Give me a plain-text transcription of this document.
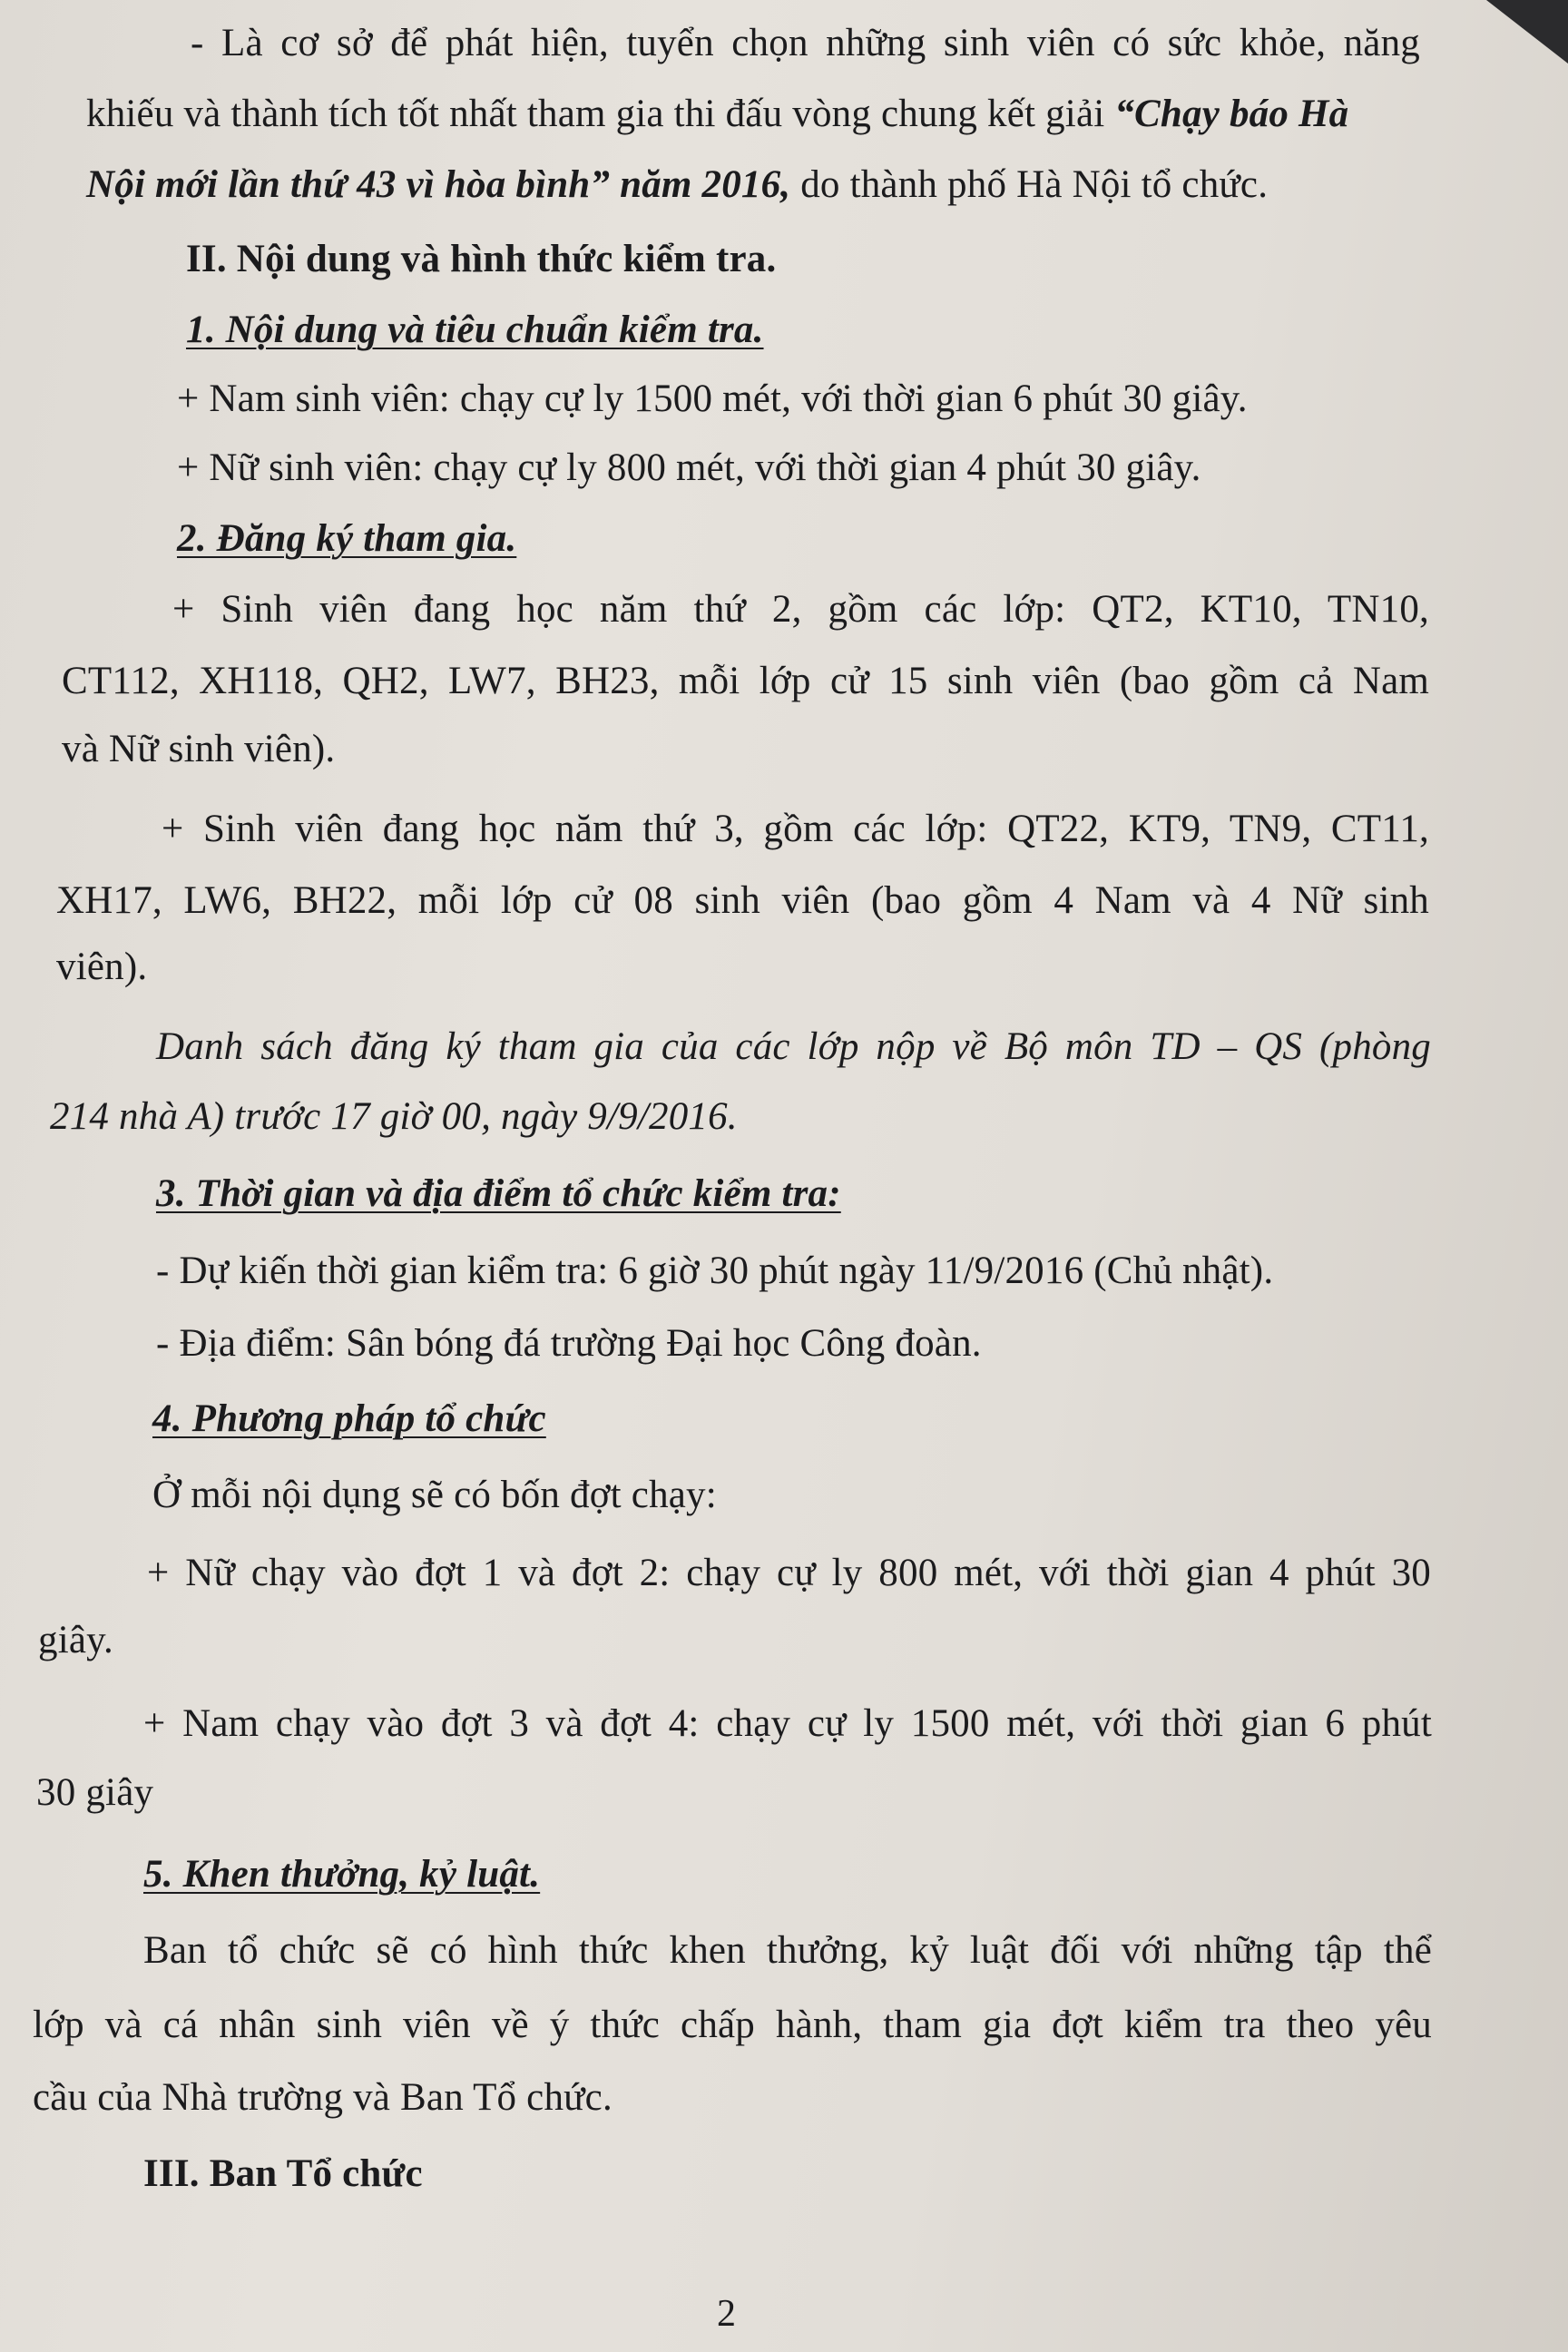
- Là cơ sở để phát hiện, tuyển chọn những sinh viên có sức khỏe, năng
khiếu và thành tích tốt nhất tham gia thi đấu vòng chung kết giải “Chạy báo Hà
Nội mới lần thứ 43 vì hòa bình” năm 2016, do thành phố Hà Nội tổ chức.
II. Nội dung và hình thức kiểm tra.
1. Nội dung và tiêu chuẩn kiểm tra.
+ Nam sinh viên: chạy cự ly 1500 mét, với thời gian 6 phút 30 giây.
+ Nữ sinh viên: chạy cự ly 800 mét, với thời gian 4 phút 30 giây.
2. Đăng ký tham gia.
+ Sinh viên đang học năm thứ 2, gồm các lớp: QT2, KT10, TN10,
CT112, XH118, QH2, LW7, BH23, mỗi lớp cử 15 sinh viên (bao gồm cả Nam
và Nữ sinh viên).
+ Sinh viên đang học năm thứ 3, gồm các lớp: QT22, KT9, TN9, CT11,
XH17, LW6, BH22, mỗi lớp cử 08 sinh viên (bao gồm 4 Nam và 4 Nữ sinh
viên).
Danh sách đăng ký tham gia của các lớp nộp về Bộ môn TD – QS (phòng
214 nhà A) trước 17 giờ 00, ngày 9/9/2016.
3. Thời gian và địa điểm tổ chức kiểm tra:
- Dự kiến thời gian kiểm tra: 6 giờ 30 phút ngày 11/9/2016 (Chủ nhật).
- Địa điểm: Sân bóng đá trường Đại học Công đoàn.
4. Phương pháp tổ chức
Ở mỗi nội dụng sẽ có bốn đợt chạy:
+ Nữ chạy vào đợt 1 và đợt 2: chạy cự ly 800 mét, với thời gian 4 phút 30
giây.
+ Nam chạy vào đợt 3 và đợt 4: chạy cự ly 1500 mét, với thời gian 6 phút
30 giây
5. Khen thưởng, kỷ luật.
Ban tổ chức sẽ có hình thức khen thưởng, kỷ luật đối với những tập thể
lớp và cá nhân sinh viên về ý thức chấp hành, tham gia đợt kiểm tra theo yêu
cầu của Nhà trường và Ban Tổ chức.
III. Ban Tổ chức
2
